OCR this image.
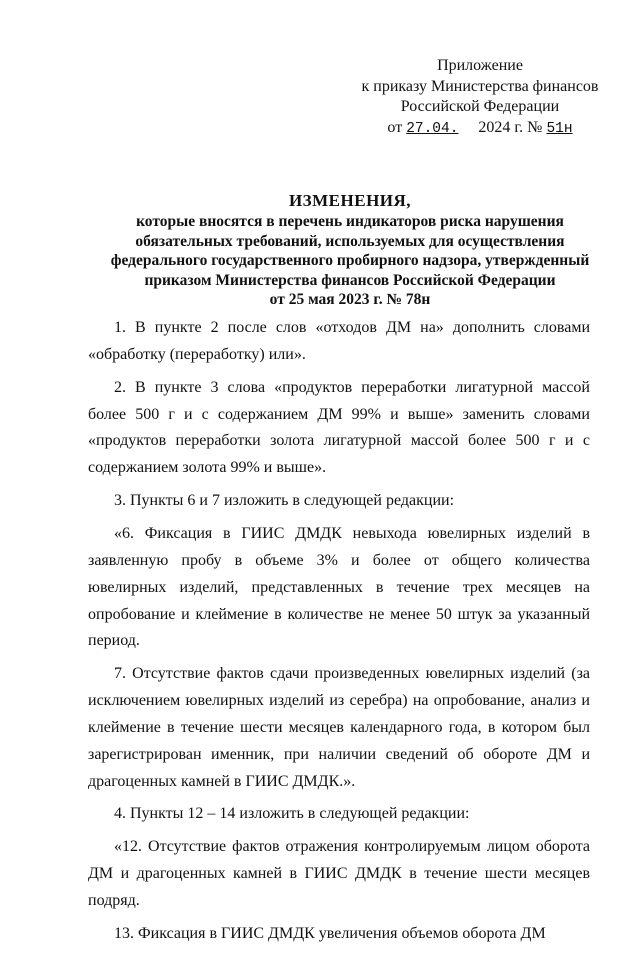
Приложение
к приказу Министерства финансов
Российской Федерации
от 27.04. 2024 г. № 51н
ИЗМЕНЕНИЯ,
которые вносятся в перечень индикаторов риска нарушения
обязательных требований, используемых для осуществления
федерального государственного пробирного надзора, утвержденный
приказом Министерства финансов Российской Федерации
от 25 мая 2023 г. № 78н

1. В пункте 2 после слов «отходов ДМ на» дополнить словами «обработку (переработку) или».

2. В пункте 3 слова «продуктов переработки лигатурной массой более 500 г и с содержанием ДМ 99% и выше» заменить словами «продуктов переработки золота лигатурной массой более 500 г и с содержанием золота 99% и выше».

3. Пункты 6 и 7 изложить в следующей редакции:

«6. Фиксация в ГИИС ДМДК невыхода ювелирных изделий в заявленную пробу в объеме 3% и более от общего количества ювелирных изделий, представленных в течение трех месяцев на опробование и клеймение в количестве не менее 50 штук за указанный период.

7. Отсутствие фактов сдачи произведенных ювелирных изделий (за исключением ювелирных изделий из серебра) на опробование, анализ и клеймение в течение шести месяцев календарного года, в котором был зарегистрирован именник, при наличии сведений об обороте ДМ и драгоценных камней в ГИИС ДМДК.».

4. Пункты 12 – 14 изложить в следующей редакции:

«12. Отсутствие фактов отражения контролируемым лицом оборота ДМ и драгоценных камней в ГИИС ДМДК в течение шести месяцев подряд.

13. Фиксация в ГИИС ДМДК увеличения объемов оборота ДМ
